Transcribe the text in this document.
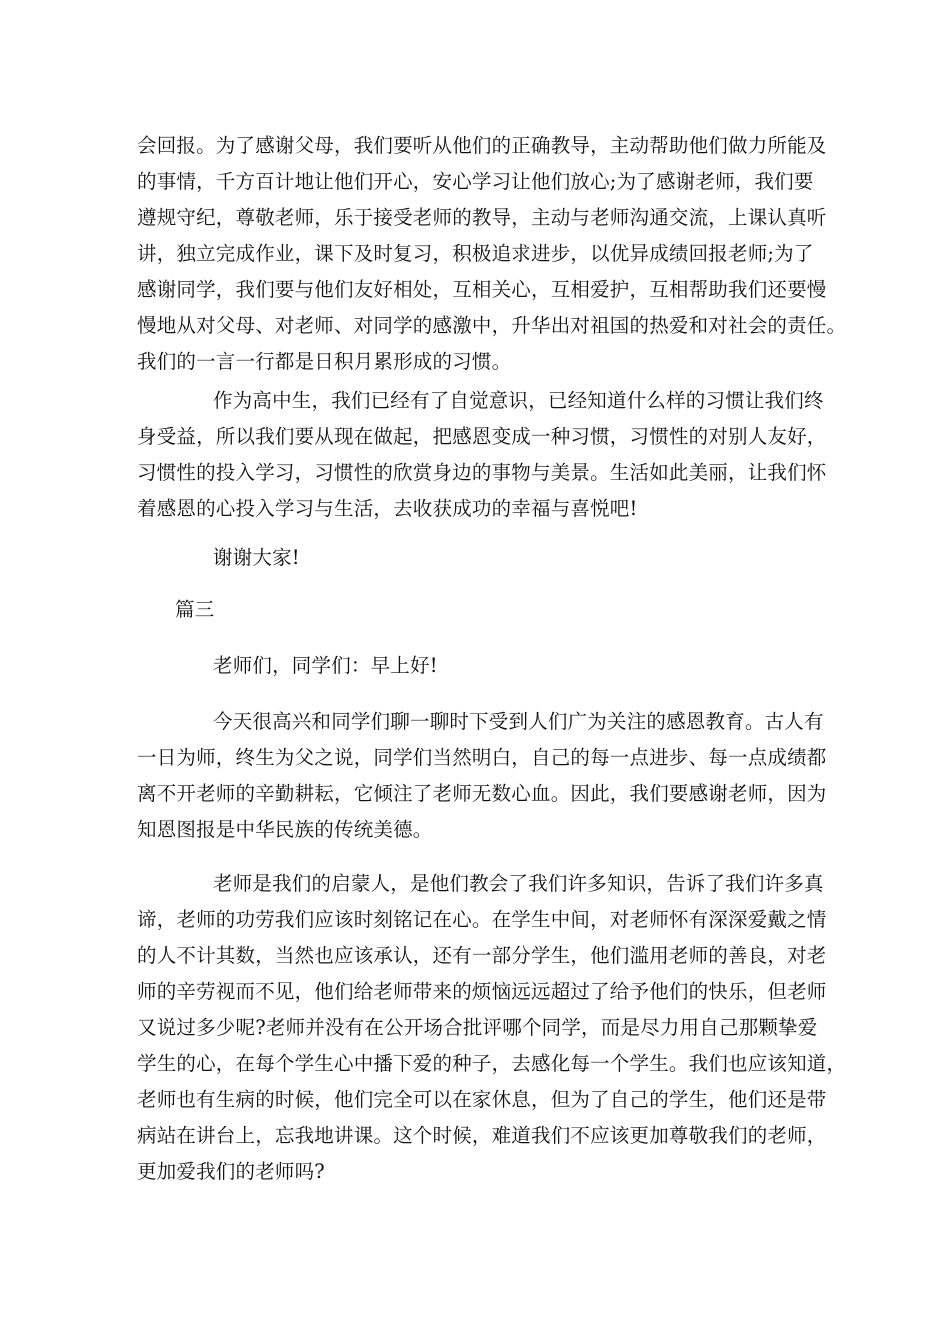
会回报。为了感谢父母，我们要听从他们的正确教导，主动帮助他们做力所能及
的事情，千方百计地让他们开心，安心学习让他们放心;为了感谢老师，我们要
遵规守纪，尊敬老师，乐于接受老师的教导，主动与老师沟通交流，上课认真听
讲，独立完成作业，课下及时复习，积极追求进步，以优异成绩回报老师;为了
感谢同学，我们要与他们友好相处，互相关心，互相爱护，互相帮助我们还要慢
慢地从对父母、对老师、对同学的感激中，升华出对祖国的热爱和对社会的责任。
我们的一言一行都是日积月累形成的习惯。
作为高中生，我们已经有了自觉意识，已经知道什么样的习惯让我们终
身受益，所以我们要从现在做起，把感恩变成一种习惯，习惯性的对别人友好，
习惯性的投入学习，习惯性的欣赏身边的事物与美景。生活如此美丽，让我们怀
着感恩的心投入学习与生活，去收获成功的幸福与喜悦吧!
谢谢大家!
篇三
老师们，同学们：早上好!
今天很高兴和同学们聊一聊时下受到人们广为关注的感恩教育。古人有
一日为师，终生为父之说，同学们当然明白，自己的每一点进步、每一点成绩都
离不开老师的辛勤耕耘，它倾注了老师无数心血。因此，我们要感谢老师，因为
知恩图报是中华民族的传统美德。
老师是我们的启蒙人，是他们教会了我们许多知识，告诉了我们许多真
谛，老师的功劳我们应该时刻铭记在心。在学生中间，对老师怀有深深爱戴之情
的人不计其数，当然也应该承认，还有一部分学生，他们滥用老师的善良，对老
师的辛劳视而不见，他们给老师带来的烦恼远远超过了给予他们的快乐，但老师
又说过多少呢?老师并没有在公开场合批评哪个同学，而是尽力用自己那颗挚爱
学生的心，在每个学生心中播下爱的种子，去感化每一个学生。我们也应该知道，
老师也有生病的时候，他们完全可以在家休息，但为了自己的学生，他们还是带
病站在讲台上，忘我地讲课。这个时候，难道我们不应该更加尊敬我们的老师，
更加爱我们的老师吗?
